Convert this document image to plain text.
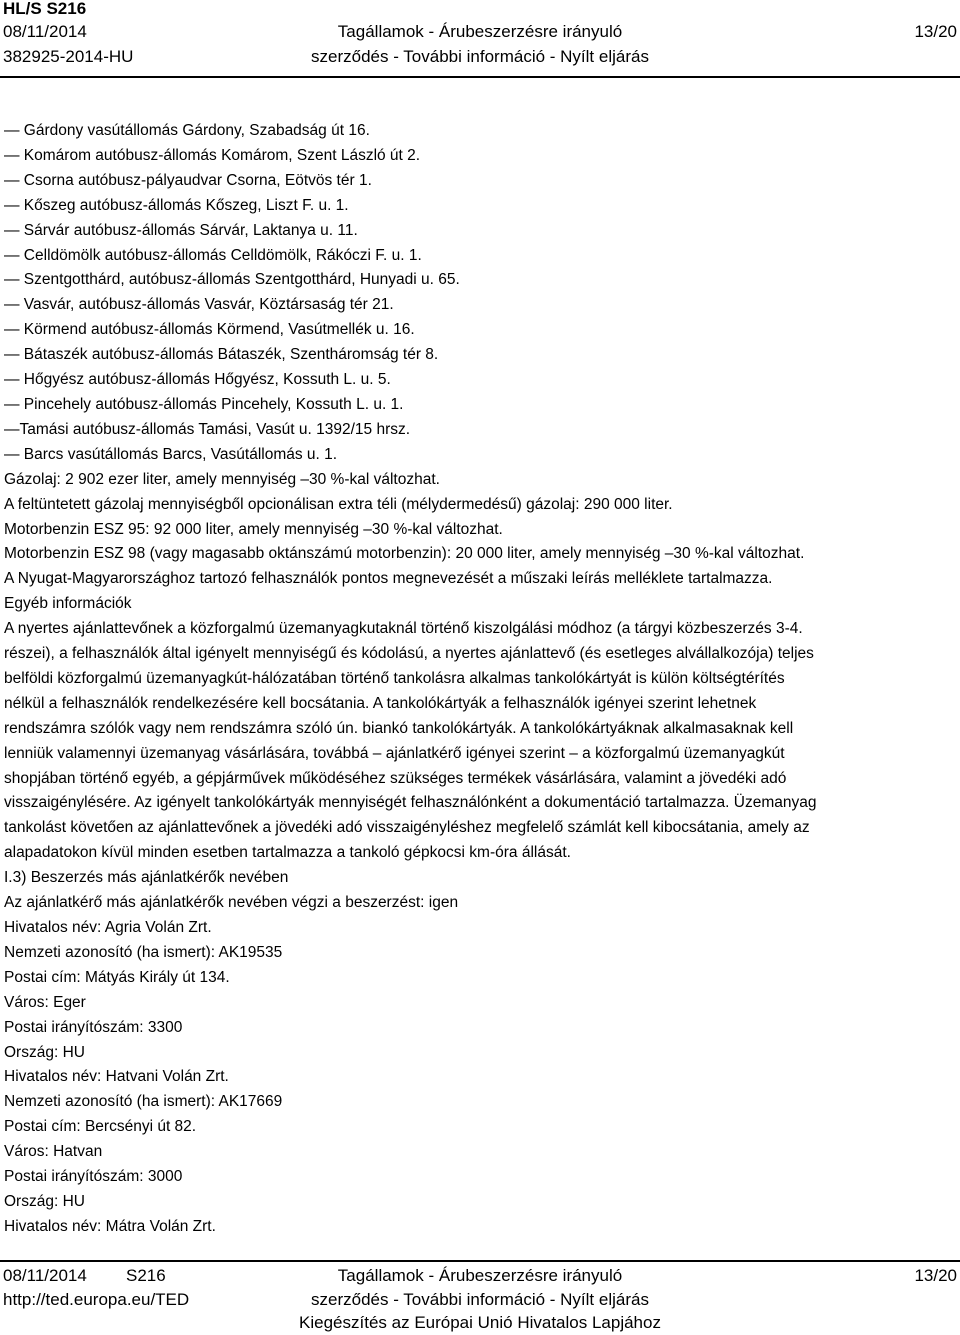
HL/S S216
08/11/2014
382925-2014-HU
Tagállamok - Árubeszerzésre irányuló
szerződés - További információ - Nyílt eljárás
13/20
— Gárdony vasútállomás Gárdony, Szabadság út 16.
— Komárom autóbusz-állomás Komárom, Szent László út 2.
— Csorna autóbusz-pályaudvar Csorna, Eötvös tér 1.
— Kőszeg autóbusz-állomás Kőszeg, Liszt F. u. 1.
— Sárvár autóbusz-állomás Sárvár, Laktanya u. 11.
— Celldömölk autóbusz-állomás Celldömölk, Rákóczi F. u. 1.
— Szentgotthárd, autóbusz-állomás Szentgotthárd, Hunyadi u. 65.
— Vasvár, autóbusz-állomás Vasvár, Köztársaság tér 21.
— Körmend autóbusz-állomás Körmend, Vasútmellék u. 16.
— Bátaszék autóbusz-állomás Bátaszék, Szentháromság tér 8.
— Hőgyész autóbusz-állomás Hőgyész, Kossuth L. u. 5.
— Pincehely autóbusz-állomás Pincehely, Kossuth L. u. 1.
—Tamási autóbusz-állomás Tamási, Vasút u. 1392/15 hrsz.
— Barcs vasútállomás Barcs, Vasútállomás u. 1.
Gázolaj: 2 902 ezer liter, amely mennyiség –30 %-kal változhat.
A feltüntetett gázolaj mennyiségből opcionálisan extra téli (mélydermedésű) gázolaj: 290 000 liter.
Motorbenzin ESZ 95: 92 000 liter, amely mennyiség –30 %-kal változhat.
Motorbenzin ESZ 98 (vagy magasabb oktánszámú motorbenzin): 20 000 liter, amely mennyiség –30 %-kal változhat.
A Nyugat-Magyarországhoz tartozó felhasználók pontos megnevezését a műszaki leírás melléklete tartalmazza.
Egyéb információk
A nyertes ajánlattevőnek a közforgalmú üzemanyagkutaknál történő kiszolgálási módhoz (a tárgyi közbeszerzés 3-4.
részei), a felhasználók által igényelt mennyiségű és kódolású, a nyertes ajánlattevő (és esetleges alvállalkozója) teljes
belföldi közforgalmú üzemanyagkút-hálózatában történő tankolásra alkalmas tankolókártyát is külön költségtérítés
nélkül a felhasználók rendelkezésére kell bocsátania. A tankolókártyák a felhasználók igényei szerint lehetnek
rendszámra szólók vagy nem rendszámra szóló ún. biankó tankolókártyák. A tankolókártyáknak alkalmasaknak kell
lenniük valamennyi üzemanyag vásárlására, továbbá – ajánlatkérő igényei szerint – a közforgalmú üzemanyagkút
shopjában történő egyéb, a gépjárművek működéséhez szükséges termékek vásárlására, valamint a jövedéki adó
visszaigénylésére. Az igényelt tankolókártyák mennyiségét felhasználónként a dokumentáció tartalmazza. Üzemanyag
tankolást követően az ajánlattevőnek a jövedéki adó visszaigényléshez megfelelő számlát kell kibocsátania, amely az
alapadatokon kívül minden esetben tartalmazza a tankoló gépkocsi km-óra állását.
I.3) Beszerzés más ajánlatkérők nevében
Az ajánlatkérő más ajánlatkérők nevében végzi a beszerzést: igen
Hivatalos név: Agria Volán Zrt.
Nemzeti azonosító (ha ismert): AK19535
Postai cím: Mátyás Király út 134.
Város: Eger
Postai irányítószám: 3300
Ország: HU
Hivatalos név: Hatvani Volán Zrt.
Nemzeti azonosító (ha ismert): AK17669
Postai cím: Bercsényi út 82.
Város: Hatvan
Postai irányítószám: 3000
Ország: HU
Hivatalos név: Mátra Volán Zrt.
08/11/2014 S216
http://ted.europa.eu/TED
Tagállamok - Árubeszerzésre irányuló
szerződés - További információ - Nyílt eljárás
Kiegészítés az Európai Unió Hivatalos Lapjához
13/20
